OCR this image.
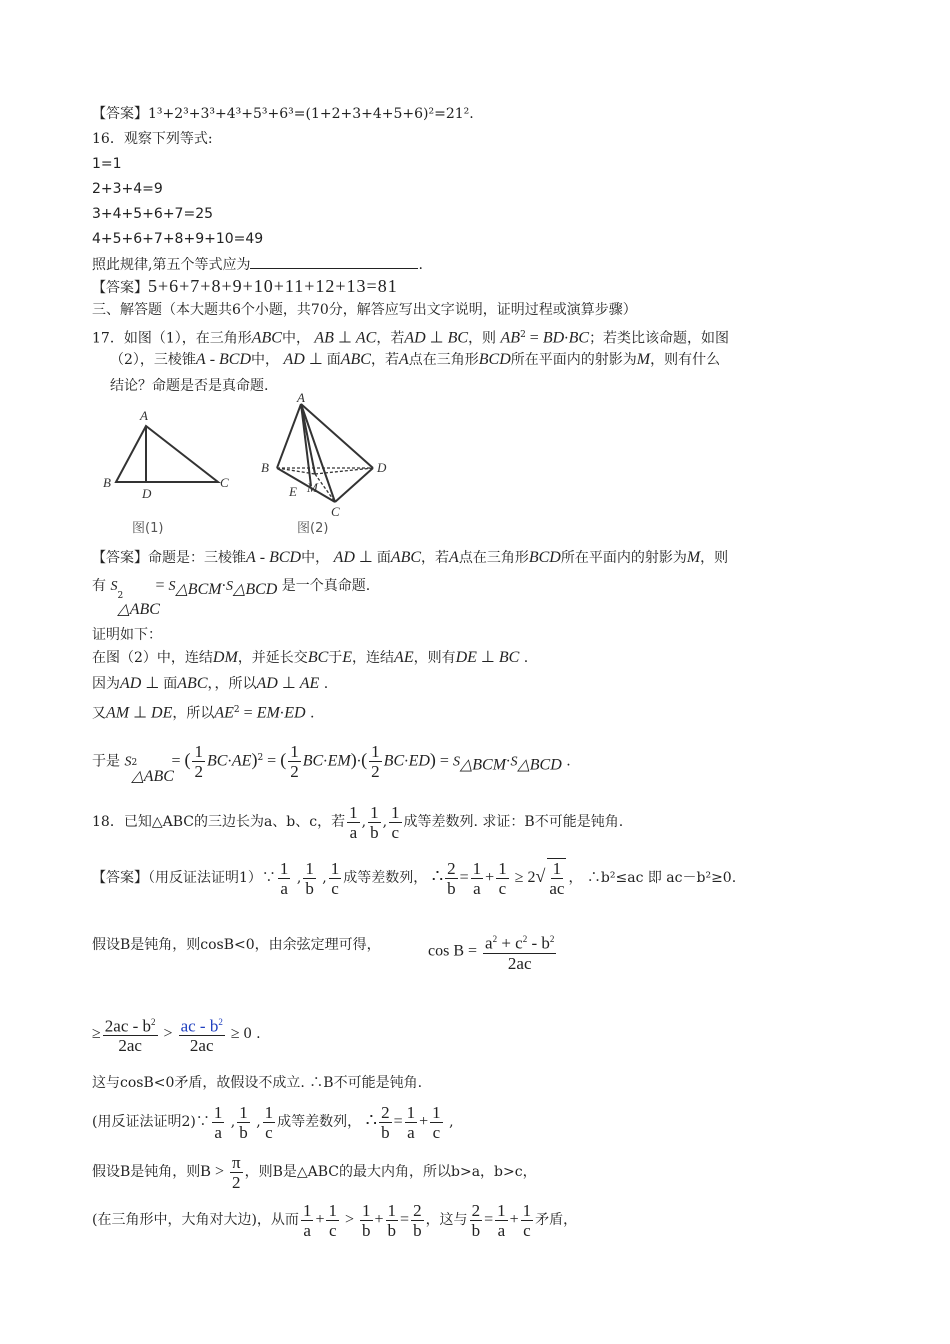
【答案】1³+2³+3³+4³+5³+6³=(1+2+3+4+5+6)²=21².
16．观察下列等式:
1=1
2+3+4=9
3+4+5+6+7=25
4+5+6+7+8+9+10=49
照此规律,第五个等式应为	.
【答案】5+6+7+8+9+10+11+12+13=81
三、解答题（本大题共6个小题，共70分，解答应写出文字说明，证明过程或演算步骤）
17．如图（1），在三角形ABC中， AB ⊥ AC，若AD ⊥ BC，则 $AB^2 = BD\cdot BC$；若类比该命题，如图
（2），三棱锥A - BCD中， AD ⊥ 面ABC，若A点在三角形BCD所在平面内的射影为M，则有什么
结论？命题是否是真命题.
A
B	C
D
图(1)
A
B	D
E M
C
图(2)
【答案】命题是：三棱锥A - BCD中， AD ⊥ 面ABC，若A点在三角形BCD所在平面内的射影为M，则
有 S
2
△ABC
= $S_{\triangle BCM}\cdot S_{\triangle BCD}$ 是一个真命题.
证明如下：
在图（2）中，连结DM，并延长交BC于E，连结AE，则有DE ⊥ BC .
因为AD ⊥ 面ABC，，所以AD ⊥ AE .
又AM ⊥ DE，所以$AE^2 = EM\cdot ED$ .
于是 S 2
△ABC
= ( $\frac{1}{2} BC\cdot AE)^2$ = ( $\frac{1}{2} BC\cdot EM)\cdot( \frac{1}{2} BC\cdot ED) = S_{\triangle BCM}\cdot S_{\triangle BCD}$ .
18．已知△ABC的三边长为a、b、c，若 $\frac{1}{a}$ , $\frac{1}{b}$ , $\frac{1}{c}$ 成等差数列. 求证：B不可能是钝角.
【答案】（用反证法证明1）∵ $\frac{1}{a}$ , $\frac{1}{b}$ , $\frac{1}{c}$ 成等差数列， ∴ $\frac{2}{b} = \frac{1}{a} + \frac{1}{c} \ge 2√ \frac{1}{ac}$ ， ∴b²≤ac 即 ac－b²≥0.
假设B是钝角，则cosB<0，由余弦定理可得，	$\cos B = \frac{a^2 + c^2 - b^2}{2ac}$
≥ $\frac{2ac - b^2}{2ac} > \frac{ac - b^2}{2ac} \ge 0$ .
这与cosB<0矛盾，故假设不成立. ∴B不可能是钝角.
(用反证法证明2)∵ $\frac{1}{a}$ , $\frac{1}{b}$ , $\frac{1}{c}$ 成等差数列， ∴ $\frac{2}{b} = \frac{1}{a} + \frac{1}{c}$ ,
假设B是钝角，则$B > \frac{\pi}{2}$ ，则B是△ABC的最大内角，所以b>a，b>c，
(在三角形中，大角对大边)，从而 $\frac{1}{a} + \frac{1}{c} > \frac{1}{b} + \frac{1}{b} = \frac{2}{b}$ ，这与 $\frac{2}{b} = \frac{1}{a} + \frac{1}{c}$ 矛盾，
